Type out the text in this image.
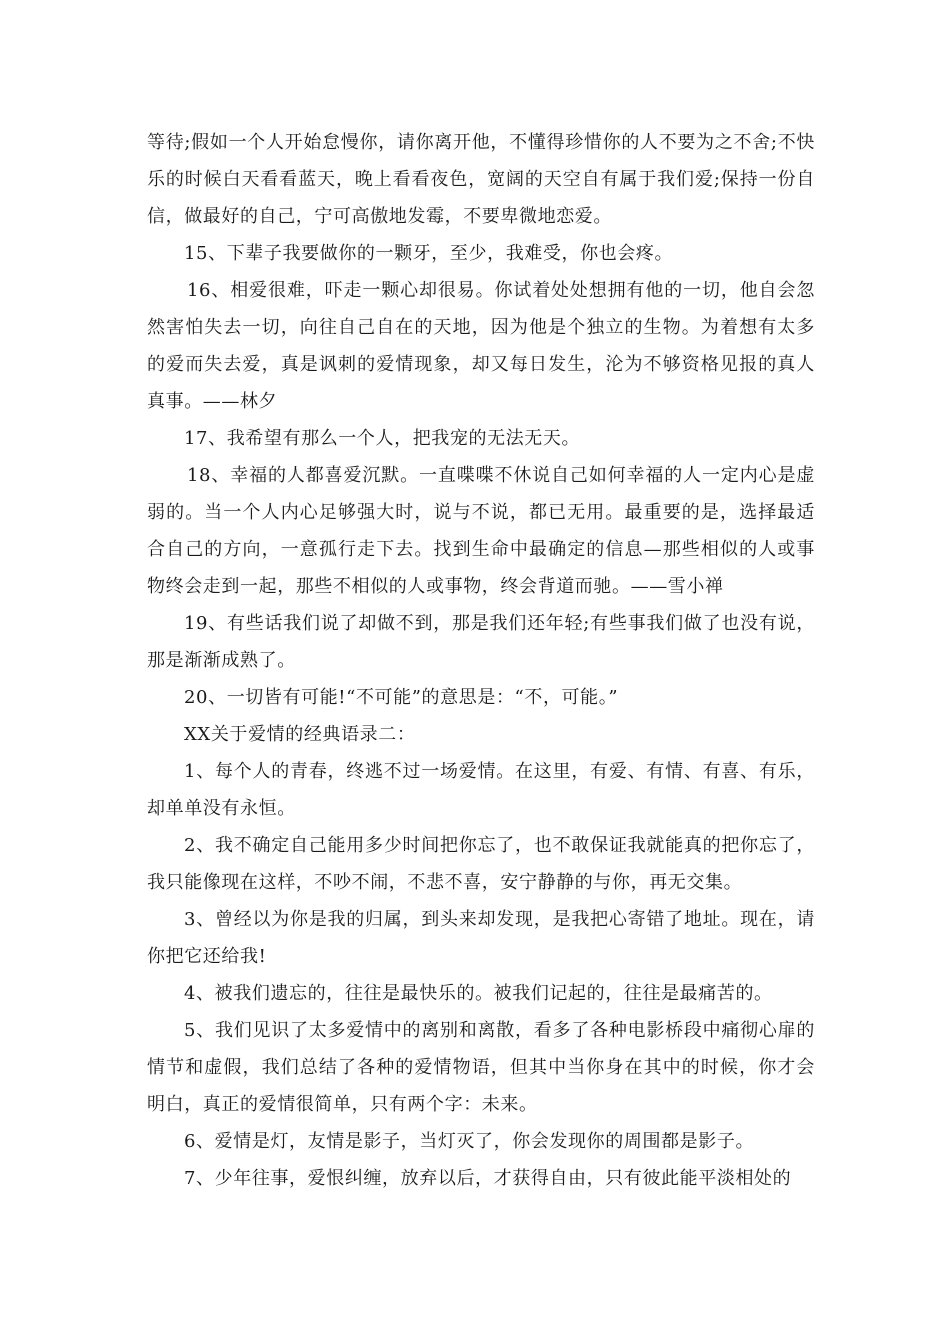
等待;假如一个人开始怠慢你，请你离开他，不懂得珍惜你的人不要为之不舍;不快乐的时候白天看看蓝天，晚上看看夜色，宽阔的天空自有属于我们爱;保持一份自信，做最好的自己，宁可高傲地发霉，不要卑微地恋爱。

15、下辈子我要做你的一颗牙，至少，我难受，你也会疼。

16、相爱很难，吓走一颗心却很易。你试着处处想拥有他的一切，他自会忽然害怕失去一切，向往自己自在的天地，因为他是个独立的生物。为着想有太多的爱而失去爱，真是讽刺的爱情现象，却又每日发生，沦为不够资格见报的真人真事。——林夕

17、我希望有那么一个人，把我宠的无法无天。

18、幸福的人都喜爱沉默。一直喋喋不休说自己如何幸福的人一定内心是虚弱的。当一个人内心足够强大时，说与不说，都已无用。最重要的是，选择最适合自己的方向，一意孤行走下去。找到生命中最确定的信息—那些相似的人或事物终会走到一起，那些不相似的人或事物，终会背道而驰。——雪小禅

19、有些话我们说了却做不到，那是我们还年轻;有些事我们做了也没有说，那是渐渐成熟了。

20、一切皆有可能!“不可能”的意思是：“不，可能。”

XX关于爱情的经典语录二：

1、每个人的青春，终逃不过一场爱情。在这里，有爱、有情、有喜、有乐，却单单没有永恒。

2、我不确定自己能用多少时间把你忘了，也不敢保证我就能真的把你忘了，我只能像现在这样，不吵不闹，不悲不喜，安宁静静的与你，再无交集。

3、曾经以为你是我的归属，到头来却发现，是我把心寄错了地址。现在，请你把它还给我!

4、被我们遗忘的，往往是最快乐的。被我们记起的，往往是最痛苦的。

5、我们见识了太多爱情中的离别和离散，看多了各种电影桥段中痛彻心扉的情节和虚假，我们总结了各种的爱情物语，但其中当你身在其中的时候，你才会明白，真正的爱情很简单，只有两个字：未来。

6、爱情是灯，友情是影子，当灯灭了，你会发现你的周围都是影子。

7、少年往事，爱恨纠缠，放弃以后，才获得自由，只有彼此能平淡相处的
